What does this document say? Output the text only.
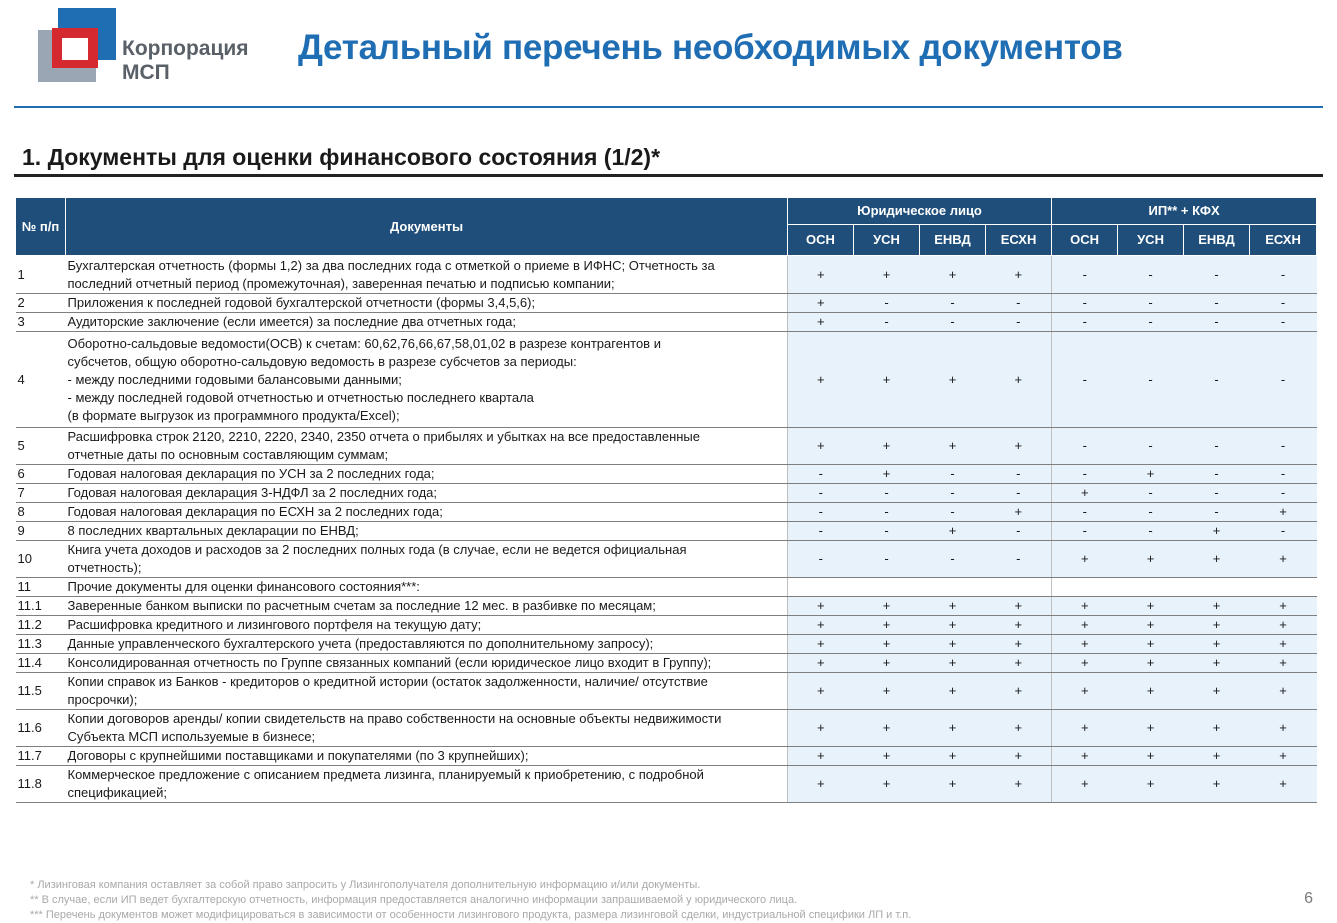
Корпорация
МСП
Детальный перечень необходимых документов
1. Документы для оценки финансового состояния (1/2)*
№ п/п	Документы	Юридическое лицо				ИП** + КФХ			
		ОСН	УСН	ЕНВД	ЕСХН	ОСН	УСН	ЕНВД	ЕСХН
1	Бухгалтерская отчетность (формы 1,2) за два последних года с отметкой о приеме в ИФНС; Отчетность за
последний отчетный период (промежуточная), заверенная печатью и подписью компании;	+	+	+	+	-	-	-	-
2	Приложения к последней годовой бухгалтерской отчетности (формы 3,4,5,6);	+	-	-	-	-	-	-	-
3	Аудиторские заключение (если имеется) за последние два отчетных года;	+	-	-	-	-	-	-	-
4	Оборотно-сальдовые ведомости(ОСВ) к счетам: 60,62,76,66,67,58,01,02 в разрезе контрагентов и
субсчетов, общую оборотно-сальдовую ведомость в разрезе субсчетов за периоды:
- между последними годовыми балансовыми данными;
- между последней годовой отчетностью и отчетностью последнего квартала
(в формате выгрузок из программного продукта/Excel);	+	+	+	+	-	-	-	-
5	Расшифровка строк 2120, 2210, 2220, 2340, 2350 отчета о прибылях и убытках на все предоставленные
отчетные даты по основным составляющим суммам;	+	+	+	+	-	-	-	-
6	Годовая налоговая декларация по УСН за 2 последних года;	-	+	-	-	-	+	-	-
7	Годовая налоговая декларация 3-НДФЛ за 2 последних года;	-	-	-	-	+	-	-	-
8	Годовая налоговая декларация по ЕСХН за 2 последних года;	-	-	-	+	-	-	-	+
9	8 последних квартальных декларации по ЕНВД;	-	-	+	-	-	-	+	-
10	Книга учета доходов и расходов за 2 последних полных года (в случае, если не ведется официальная
отчетность);	-	-	-	-	+	+	+	+
11	Прочие документы для оценки финансового состояния***:								
11.1	Заверенные банком выписки по расчетным счетам за последние 12 мес. в разбивке по месяцам;	+	+	+	+	+	+	+	+
11.2	Расшифровка кредитного и лизингового портфеля на текущую дату;	+	+	+	+	+	+	+	+
11.3	Данные управленческого бухгалтерского учета (предоставляются по дополнительному запросу);	+	+	+	+	+	+	+	+
11.4	Консолидированная отчетность по Группе связанных компаний (если юридическое лицо входит в Группу);	+	+	+	+	+	+	+	+
11.5	Копии справок из Банков - кредиторов о кредитной истории (остаток задолженности, наличие/ отсутствие
просрочки);	+	+	+	+	+	+	+	+
11.6	Копии договоров аренды/ копии свидетельств на право собственности на основные объекты недвижимости
Субъекта МСП используемые в бизнесе;	+	+	+	+	+	+	+	+
11.7	Договоры с крупнейшими поставщиками и покупателями (по 3 крупнейших);	+	+	+	+	+	+	+	+
11.8	Коммерческое предложение с описанием предмета лизинга, планируемый к приобретению, с подробной
спецификацией;	+	+	+	+	+	+	+	+
* Лизинговая компания оставляет за собой право запросить у Лизингополучателя дополнительную информацию и/или документы.
** В случае, если ИП ведет бухгалтерскую отчетность, информация предоставляется аналогично информации запрашиваемой у юридического лица.
*** Перечень документов может модифицироваться в зависимости от особенности лизингового продукта, размера лизинговой сделки, индустриальной специфики ЛП и т.п.
6
